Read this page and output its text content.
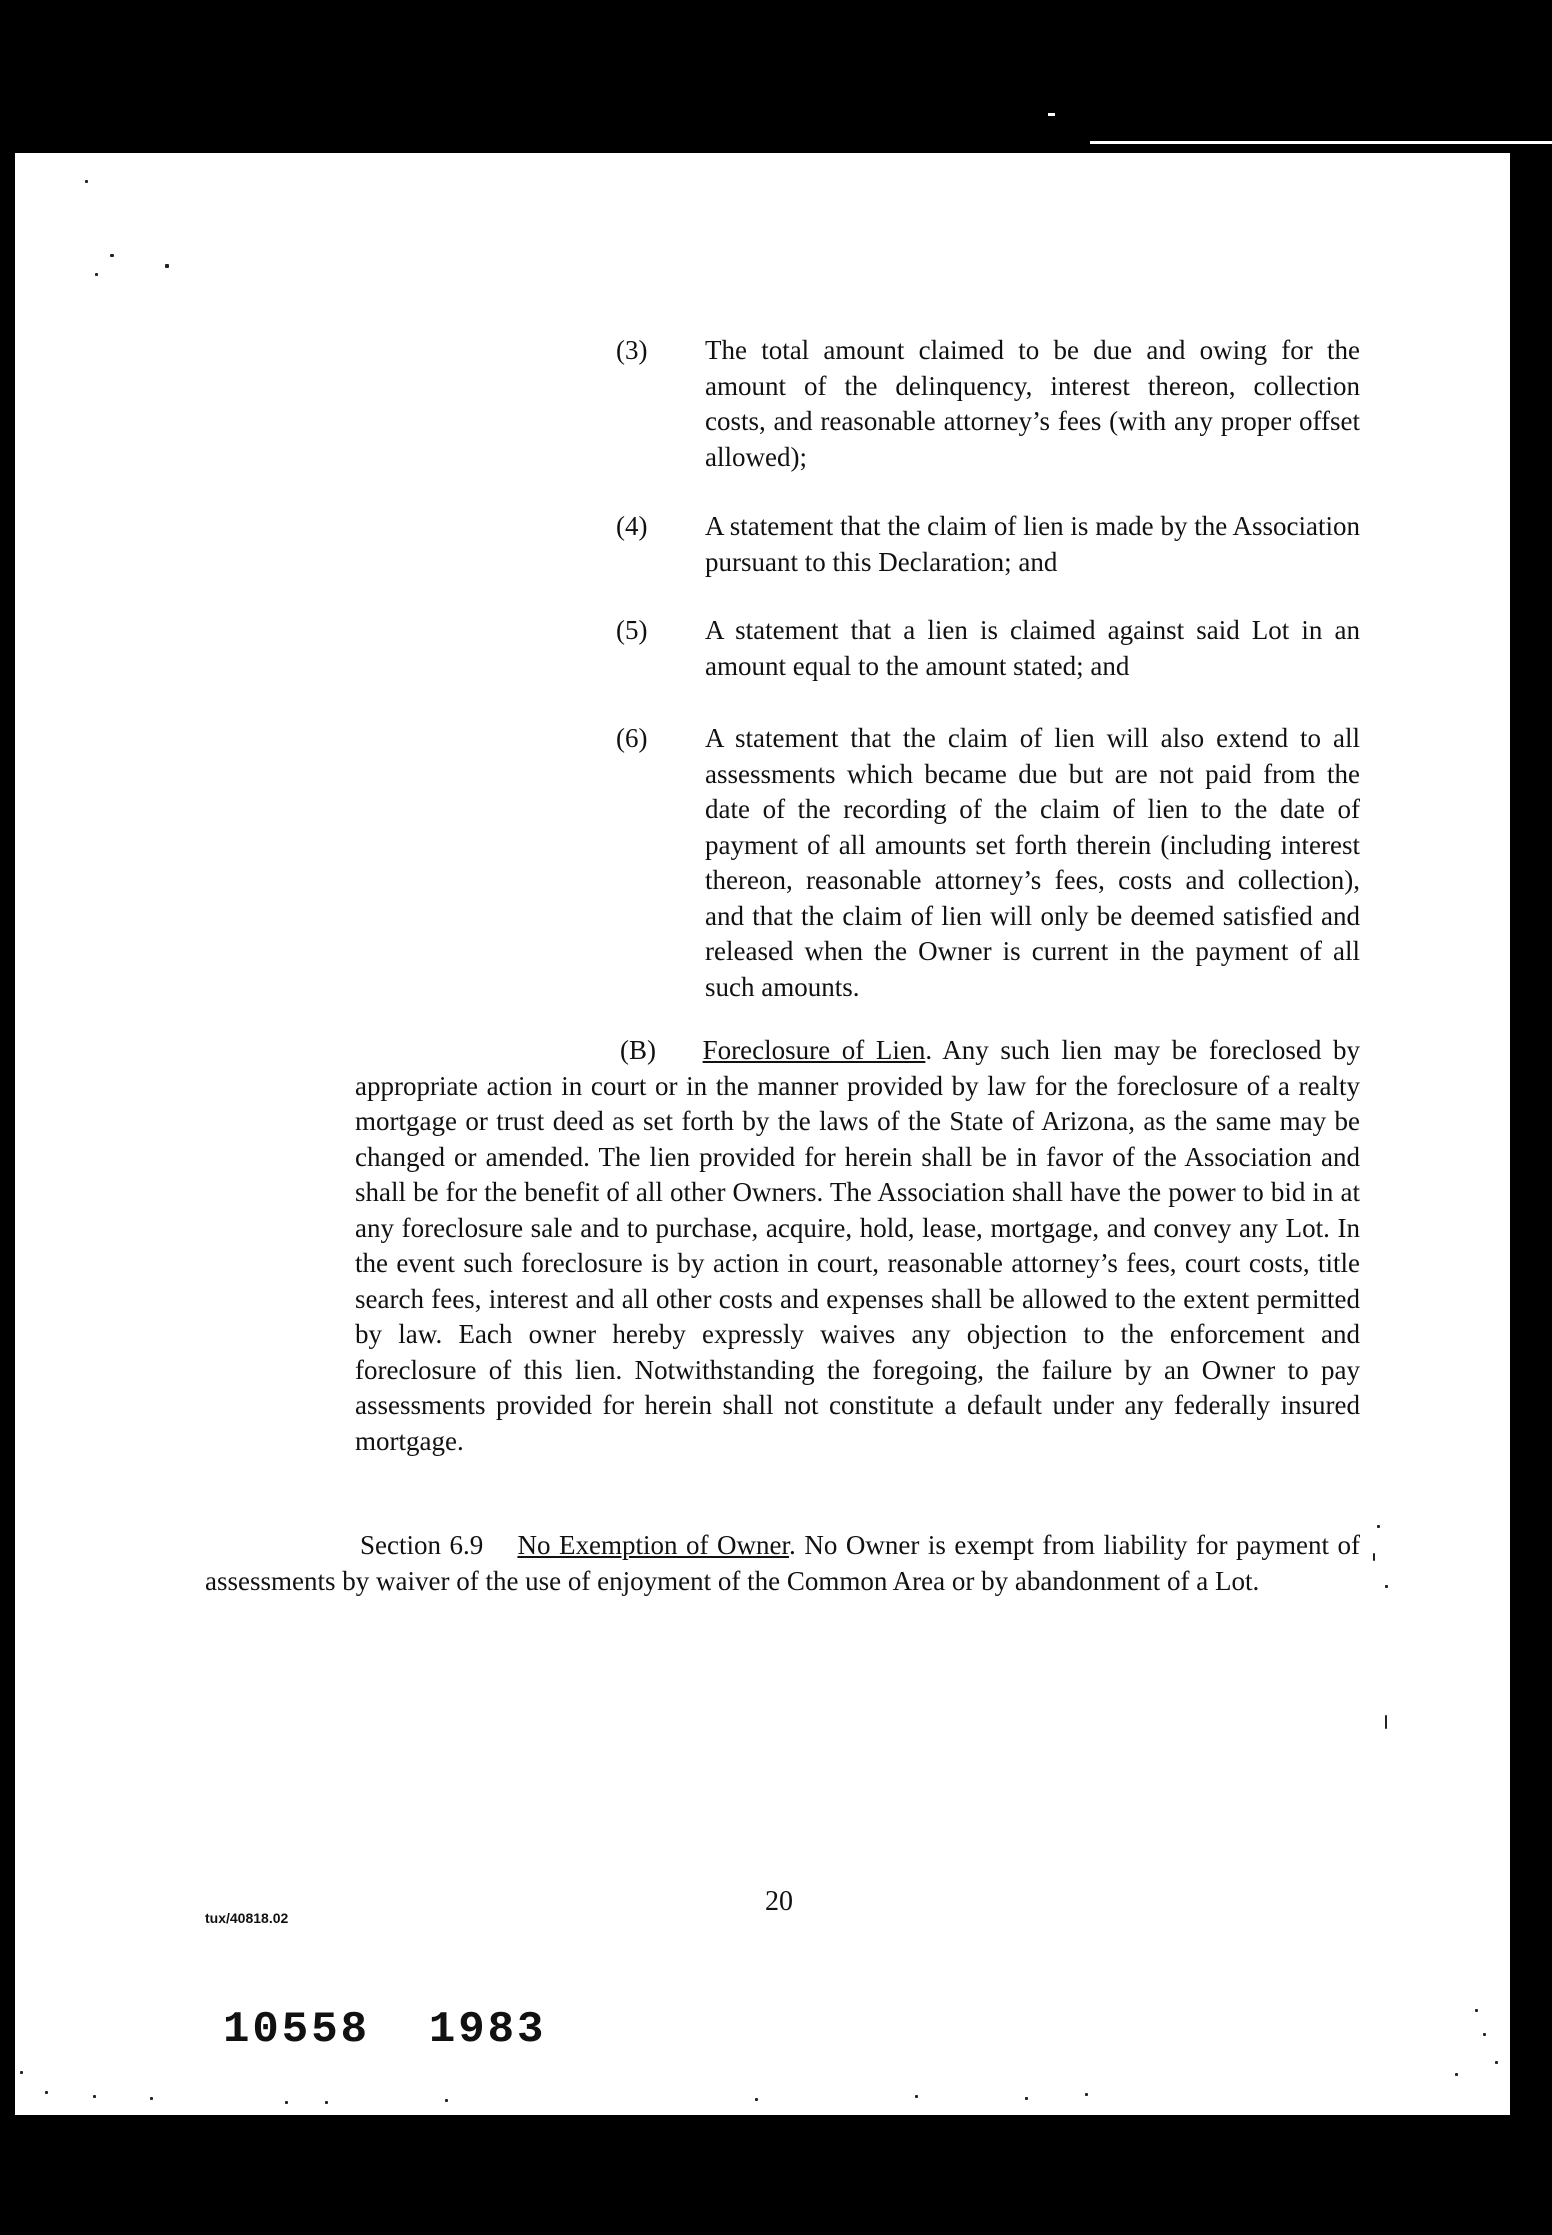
(3) The total amount claimed to be due and owing for the amount of the delinquency, interest thereon, collection costs, and reasonable attorney’s fees (with any proper offset allowed);
(4) A statement that the claim of lien is made by the Association pursuant to this Declaration; and
(5) A statement that a lien is claimed against said Lot in an amount equal to the amount stated; and
(6) A statement that the claim of lien will also extend to all assessments which became due but are not paid from the date of the recording of the claim of lien to the date of payment of all amounts set forth therein (including interest thereon, reasonable attorney’s fees, costs and collection), and that the claim of lien will only be deemed satisfied and released when the Owner is current in the payment of all such amounts.
(B) Foreclosure of Lien. Any such lien may be foreclosed by appropriate action in court or in the manner provided by law for the foreclosure of a realty mortgage or trust deed as set forth by the laws of the State of Arizona, as the same may be changed or amended. The lien provided for herein shall be in favor of the Association and shall be for the benefit of all other Owners. The Association shall have the power to bid in at any foreclosure sale and to purchase, acquire, hold, lease, mortgage, and convey any Lot. In the event such foreclosure is by action in court, reasonable attorney’s fees, court costs, title search fees, interest and all other costs and expenses shall be allowed to the extent permitted by law. Each owner hereby expressly waives any objection to the enforcement and foreclosure of this lien. Notwithstanding the foregoing, the failure by an Owner to pay assessments provided for herein shall not constitute a default under any federally insured mortgage.
Section 6.9 No Exemption of Owner. No Owner is exempt from liability for payment of assessments by waiver of the use of enjoyment of the Common Area or by abandonment of a Lot.
tux/40818.02
20
10558  1983
